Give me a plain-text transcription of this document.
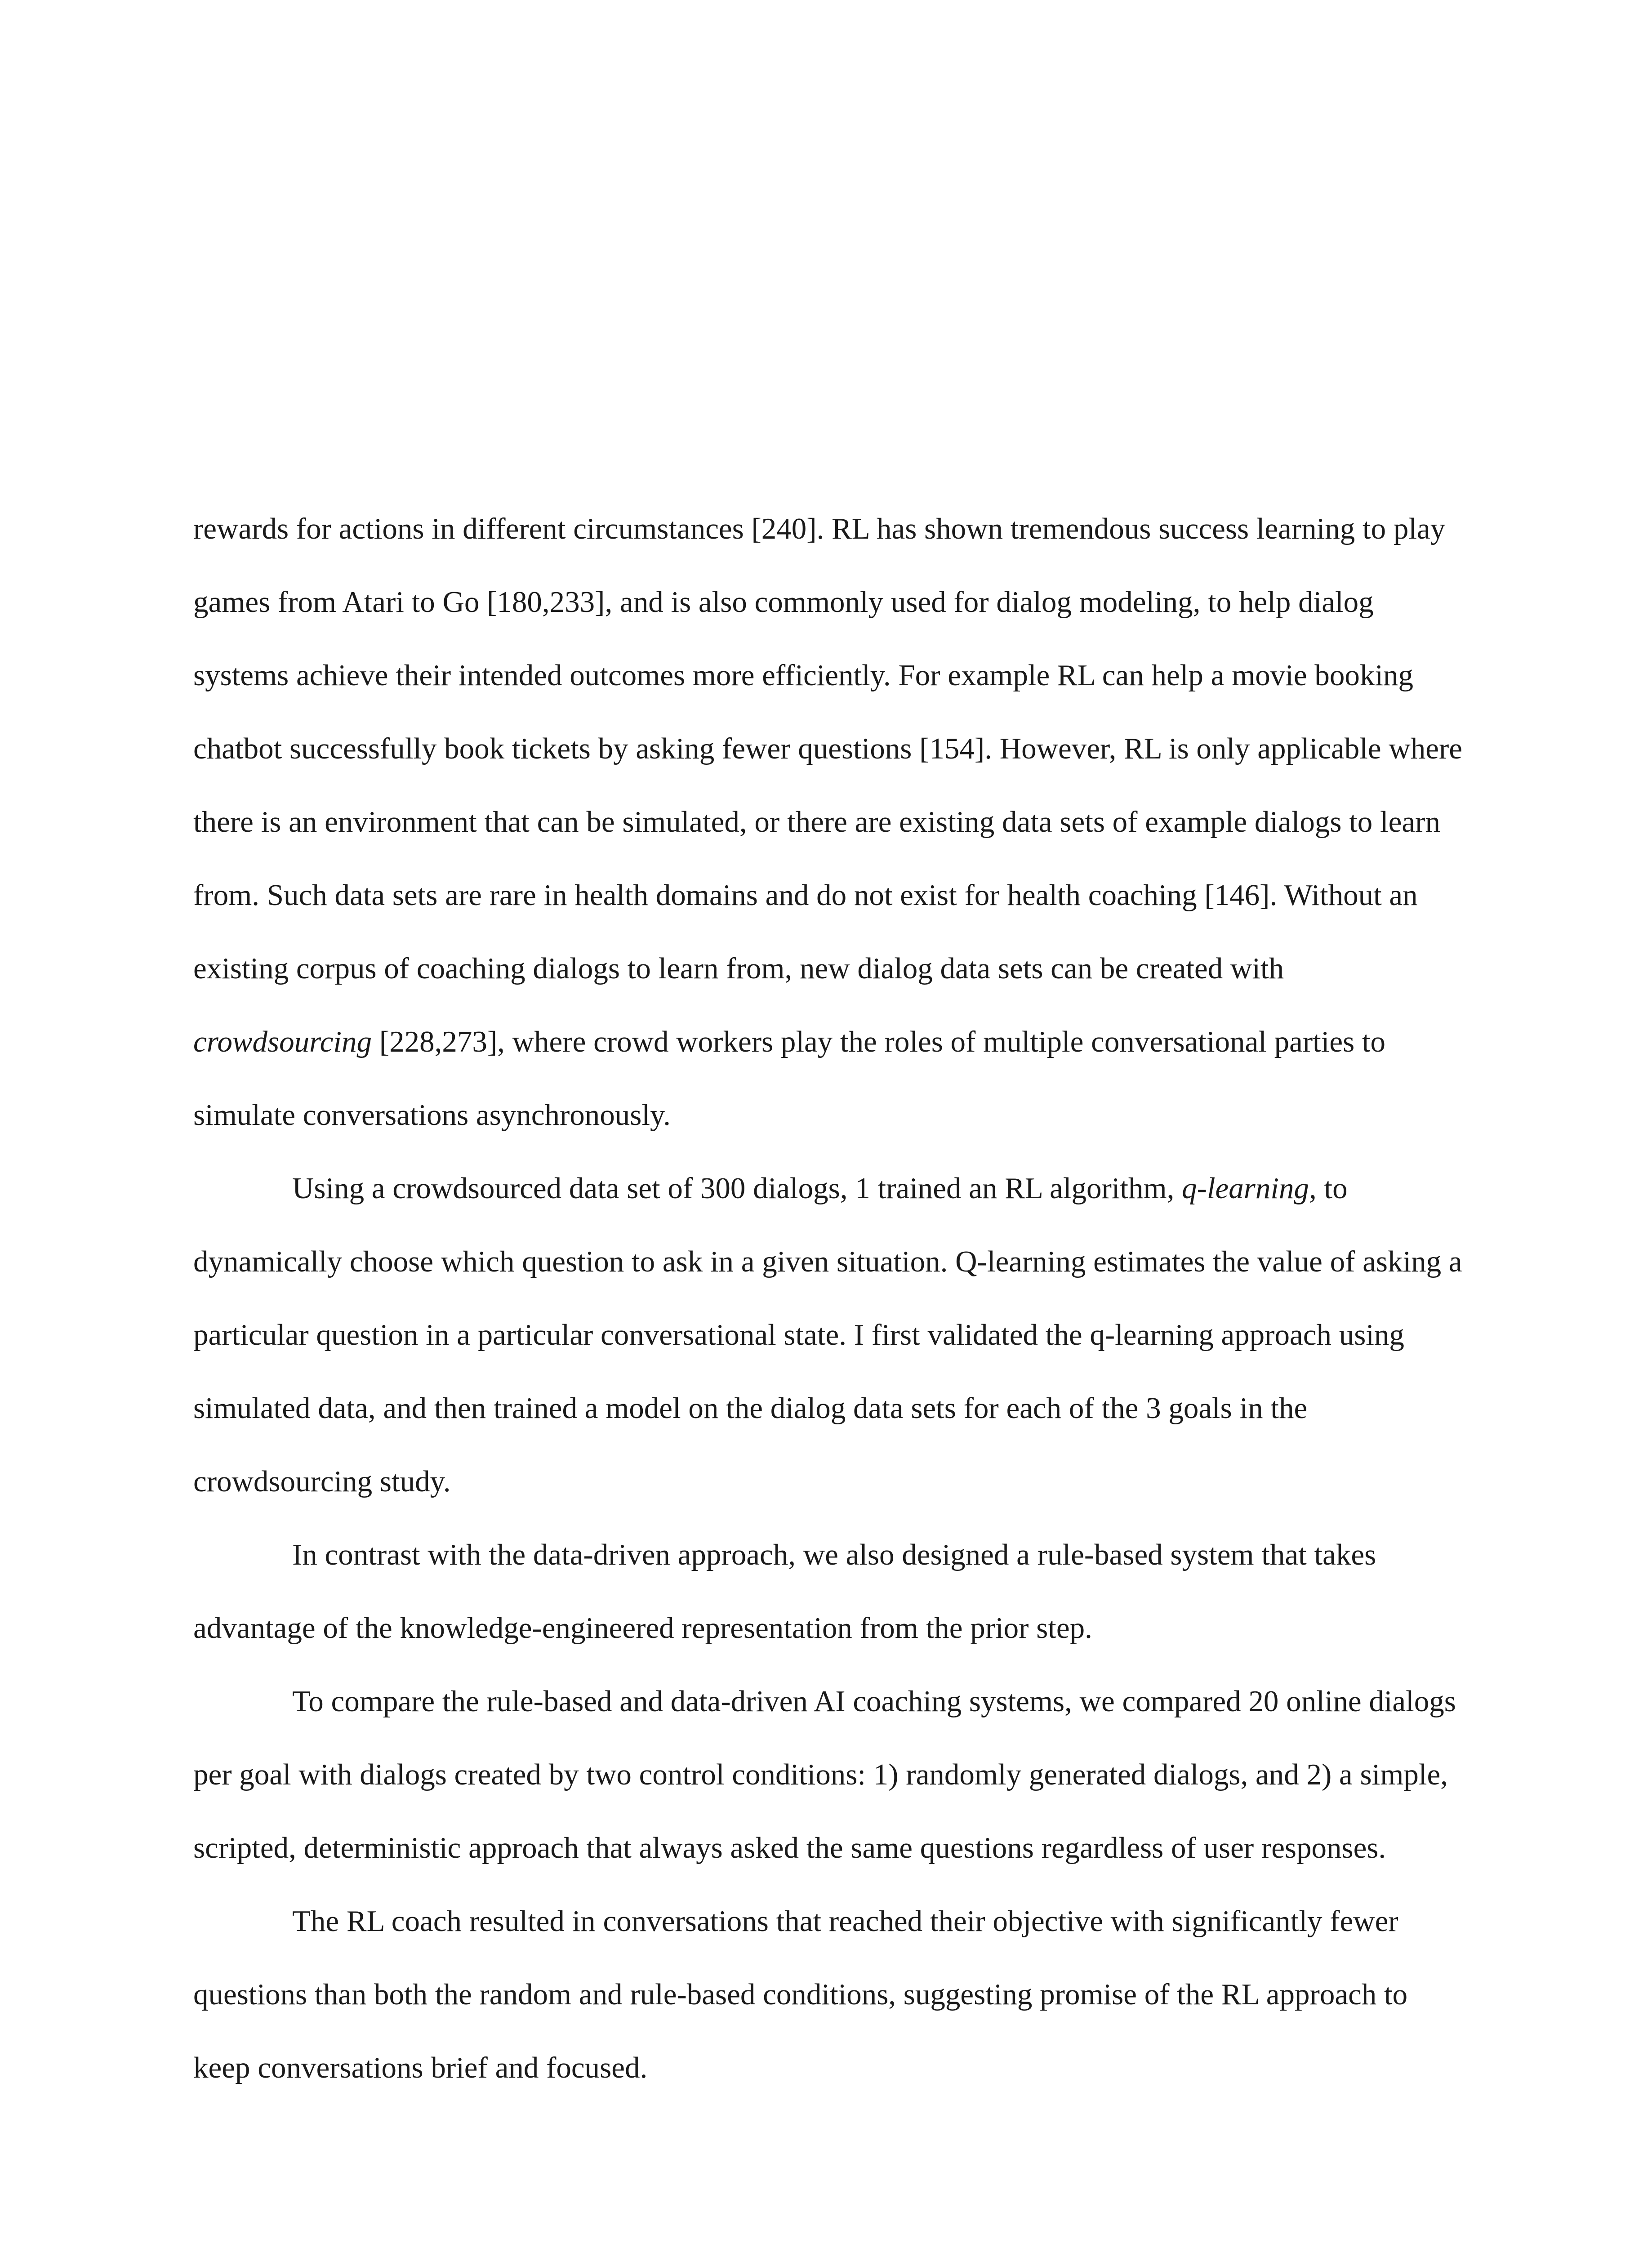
rewards for actions in different circumstances [240]. RL has shown tremendous success learning to play games from Atari to Go [180,233], and is also commonly used for dialog modeling, to help dialog systems achieve their intended outcomes more efficiently. For example RL can help a movie booking chatbot successfully book tickets by asking fewer questions [154]. However, RL is only applicable where there is an environment that can be simulated, or there are existing data sets of example dialogs to learn from. Such data sets are rare in health domains and do not exist for health coaching [146]. Without an existing corpus of coaching dialogs to learn from, new dialog data sets can be created with crowdsourcing [228,273], where crowd workers play the roles of multiple conversational parties to simulate conversations asynchronously.

Using a crowdsourced data set of 300 dialogs, 1 trained an RL algorithm, q-learning, to dynamically choose which question to ask in a given situation. Q-learning estimates the value of asking a particular question in a particular conversational state. I first validated the q-learning approach using simulated data, and then trained a model on the dialog data sets for each of the 3 goals in the crowdsourcing study.

In contrast with the data-driven approach, we also designed a rule-based system that takes advantage of the knowledge-engineered representation from the prior step.

To compare the rule-based and data-driven AI coaching systems, we compared 20 online dialogs per goal with dialogs created by two control conditions: 1) randomly generated dialogs, and 2) a simple, scripted, deterministic approach that always asked the same questions regardless of user responses.

The RL coach resulted in conversations that reached their objective with significantly fewer questions than both the random and rule-based conditions, suggesting promise of the RL approach to keep conversations brief and focused.
